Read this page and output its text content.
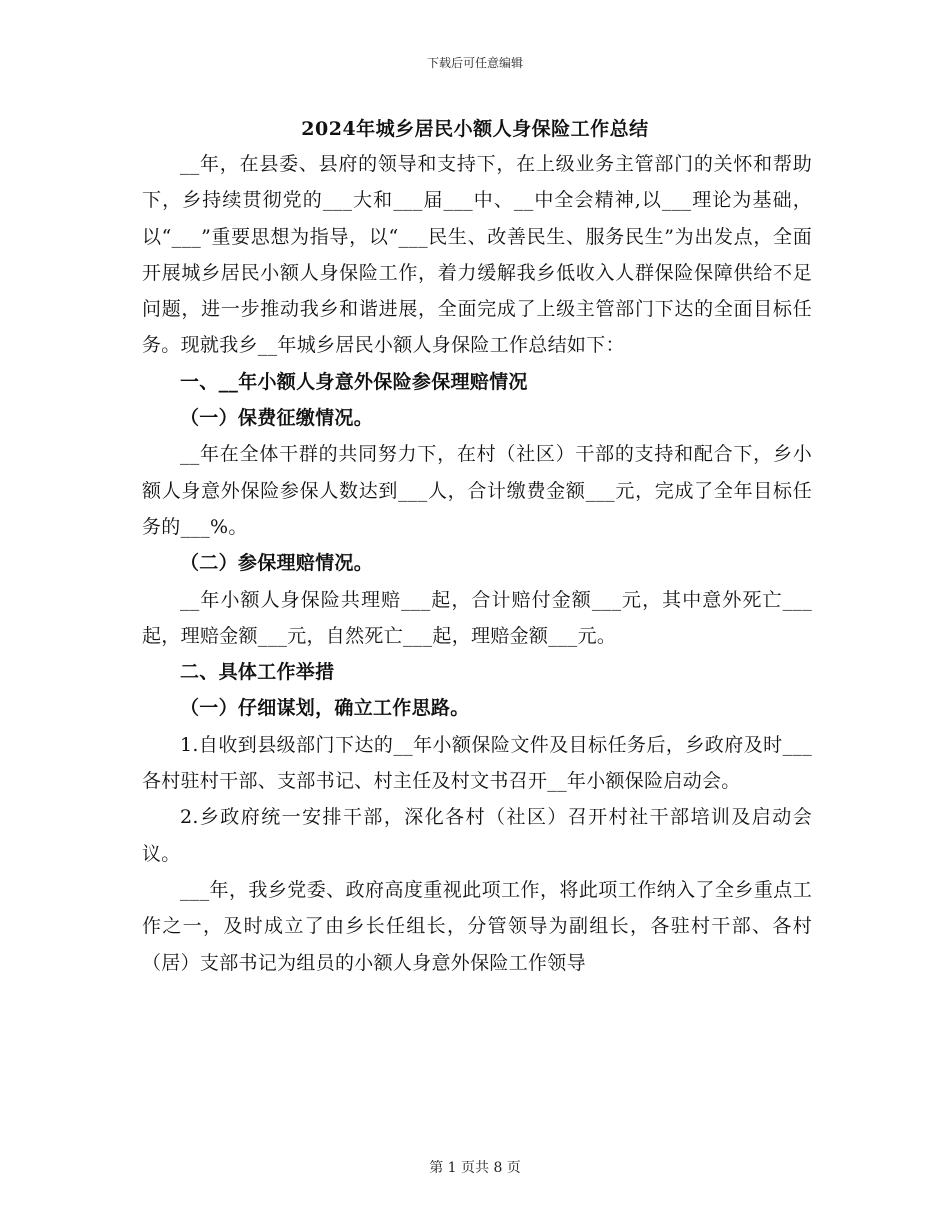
下载后可任意编辑
2024年城乡居民小额人身保险工作总结

__年，在县委、县府的领导和支持下，在上级业务主管部门的关怀和帮助下，乡持续贯彻党的___大和___届___中、__中全会精神,以___理论为基础，以“___”重要思想为指导，以“___民生、改善民生、服务民生”为出发点，全面开展城乡居民小额人身保险工作，着力缓解我乡低收入人群保险保障供给不足问题，进一步推动我乡和谐进展，全面完成了上级主管部门下达的全面目标任务。现就我乡__年城乡居民小额人身保险工作总结如下：

一、__年小额人身意外保险参保理赔情况

（一）保费征缴情况。

__年在全体干群的共同努力下，在村（社区）干部的支持和配合下，乡小额人身意外保险参保人数达到___人，合计缴费金额___元，完成了全年目标任务的___%。

（二）参保理赔情况。

__年小额人身保险共理赔___起，合计赔付金额___元，其中意外死亡___起，理赔金额___元，自然死亡___起，理赔金额___元。

二、具体工作举措

（一）仔细谋划，确立工作思路。

1.自收到县级部门下达的__年小额保险文件及目标任务后，乡政府及时___各村驻村干部、支部书记、村主任及村文书召开__年小额保险启动会。

2.乡政府统一安排干部，深化各村（社区）召开村社干部培训及启动会议。

___年，我乡党委、政府高度重视此项工作，将此项工作纳入了全乡重点工作之一，及时成立了由乡长任组长，分管领导为副组长，各驻村干部、各村（居）支部书记为组员的小额人身意外保险工作领导

第 1 页共 8 页
